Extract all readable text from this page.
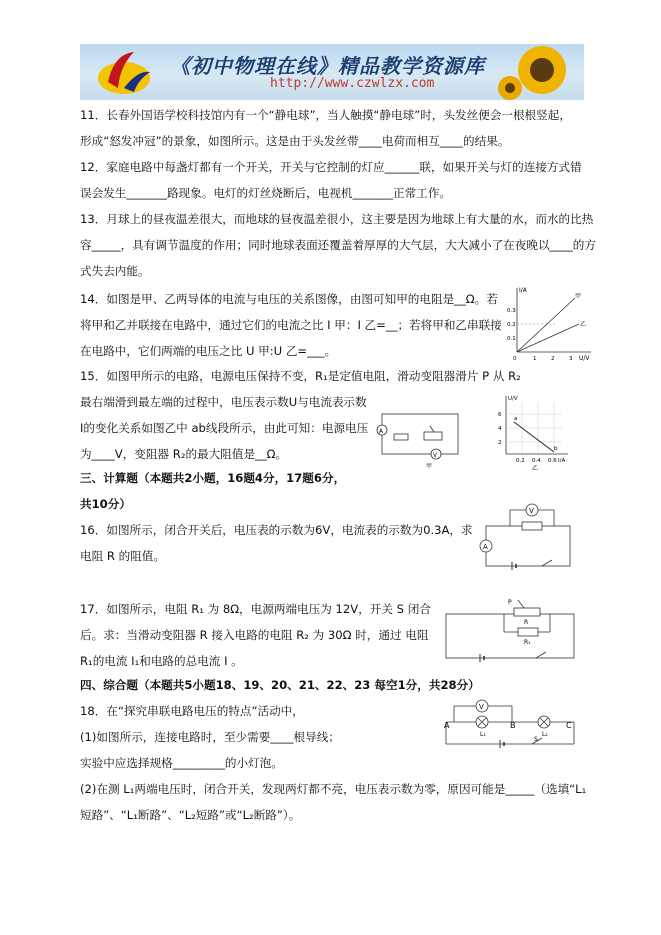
《初中物理在线》精品教学资源库
http://www.czwlzx.com
11．长春外国语学校科技馆内有一个“静电球”，当人触摸“静电球”时，头发丝便会一根根竖起，
形成“怒发冲冠”的景象，如图所示。这是由于头发丝带____电荷而相互____的结果。
12．家庭电路中每盏灯都有一个开关，开关与它控制的灯应______联，如果开关与灯的连接方式错
误会发生_______路现象。电灯的灯丝烧断后，电视机_______正常工作。
13．月球上的昼夜温差很大，而地球的昼夜温差很小，这主要是因为地球上有大量的水，而水的比热
容_____，具有调节温度的作用；同时地球表面还覆盖着厚厚的大气层，大大减小了在夜晚以____的方
式失去内能。
14．如图是甲、乙两导体的电流与电压的关系图像，由图可知甲的电阻是__Ω。若
将甲和乙并联接在电路中，通过它们的电流之比 I 甲：I 乙=__；若将甲和乙串联接
在电路中，它们两端的电压之比 U 甲:U 乙=___。
15．如图甲所示的电路，电源电压保持不变，R₁是定值电阻，滑动变阻器滑片 P 从 R₂
最右端滑到最左端的过程中，电压表示数U与电流表示数
I的变化关系如图乙中 ab线段所示，由此可知：电源电压
为____V，变阻器 R₂的最大阻值是__Ω。
三、计算题（本题共2小题，16题4分，17题6分，
共10分）
16．如图所示，闭合开关后，电压表的示数为6V，电流表的示数为0.3A，求
电阻 R 的阻值。
17．如图所示，电阻 R₁ 为 8Ω，电源两端电压为 12V，开关 S 闭合
后。求：当滑动变阻器 R 接入电路的电阻 R₂ 为 30Ω 时，通过 电阻
R₁的电流 I₁和电路的总电流 I 。
四、综合题（本题共5小题18、19、20、21、22、23 每空1分，共28分）
18．在“探究串联电路电压的特点”活动中，
(1)如图所示，连接电路时，至少需要____根导线；
实验中应选择规格_________的小灯泡。
(2)在测 L₁两端电压时，闭合开关，发现两灯都不亮，电压表示数为零，原因可能是_____（选填“L₁
短路”、“L₁断路”、“L₂短路”或“L₂断路”）。
I/A
U/V
0.3
0.2
0.1
0	1	2	3
甲
乙
A
V
甲
U/V
I/A
6
4
2
0.2 0.4 0.6
a
b
乙
V
A
P
R
R₁
V
A	B	C
L₁	L₂
S
